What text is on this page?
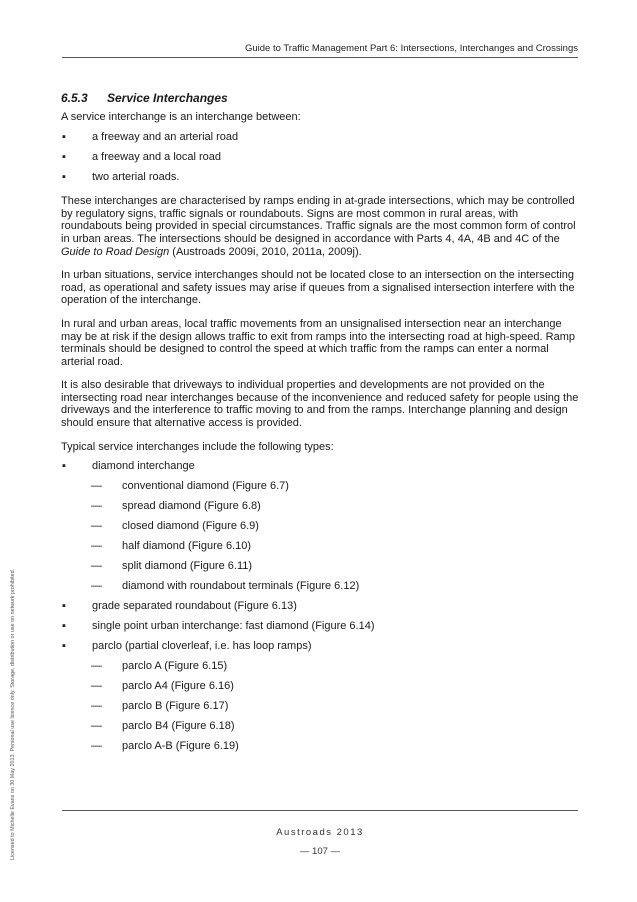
Guide to Traffic Management Part 6: Intersections, Interchanges and Crossings
6.5.3	Service Interchanges

A service interchange is an interchange between:

▪	a freeway and an arterial road
▪	a freeway and a local road
▪	two arterial roads.

These interchanges are characterised by ramps ending in at-grade intersections, which may be controlled by regulatory signs, traffic signals or roundabouts. Signs are most common in rural areas, with roundabouts being provided in special circumstances. Traffic signals are the most common form of control in urban areas. The intersections should be designed in accordance with Parts 4, 4A, 4B and 4C of the Guide to Road Design (Austroads 2009i, 2010, 2011a, 2009j).

In urban situations, service interchanges should not be located close to an intersection on the intersecting road, as operational and safety issues may arise if queues from a signalised intersection interfere with the operation of the interchange.

In rural and urban areas, local traffic movements from an unsignalised intersection near an interchange may be at risk if the design allows traffic to exit from ramps into the intersecting road at high-speed. Ramp terminals should be designed to control the speed at which traffic from the ramps can enter a normal arterial road.

It is also desirable that driveways to individual properties and developments are not provided on the intersecting road near interchanges because of the inconvenience and reduced safety for people using the driveways and the interference to traffic moving to and from the ramps. Interchange planning and design should ensure that alternative access is provided.

Typical service interchanges include the following types:

▪	diamond interchange
—	conventional diamond (Figure 6.7)
—	spread diamond (Figure 6.8)
—	closed diamond (Figure 6.9)
—	half diamond (Figure 6.10)
—	split diamond (Figure 6.11)
—	diamond with roundabout terminals (Figure 6.12)
▪	grade separated roundabout (Figure 6.13)
▪	single point urban interchange: fast diamond (Figure 6.14)
▪	parclo (partial cloverleaf, i.e. has loop ramps)
—	parclo A (Figure 6.15)
—	parclo A4 (Figure 6.16)
—	parclo B (Figure 6.17)
—	parclo B4 (Figure 6.18)
—	parclo A-B (Figure 6.19)
Austroads 2013
— 107 —
Licensed to Michelle Evans on 30 May 2013. Personal use licence only. Storage, distribution or use on network prohibited.
